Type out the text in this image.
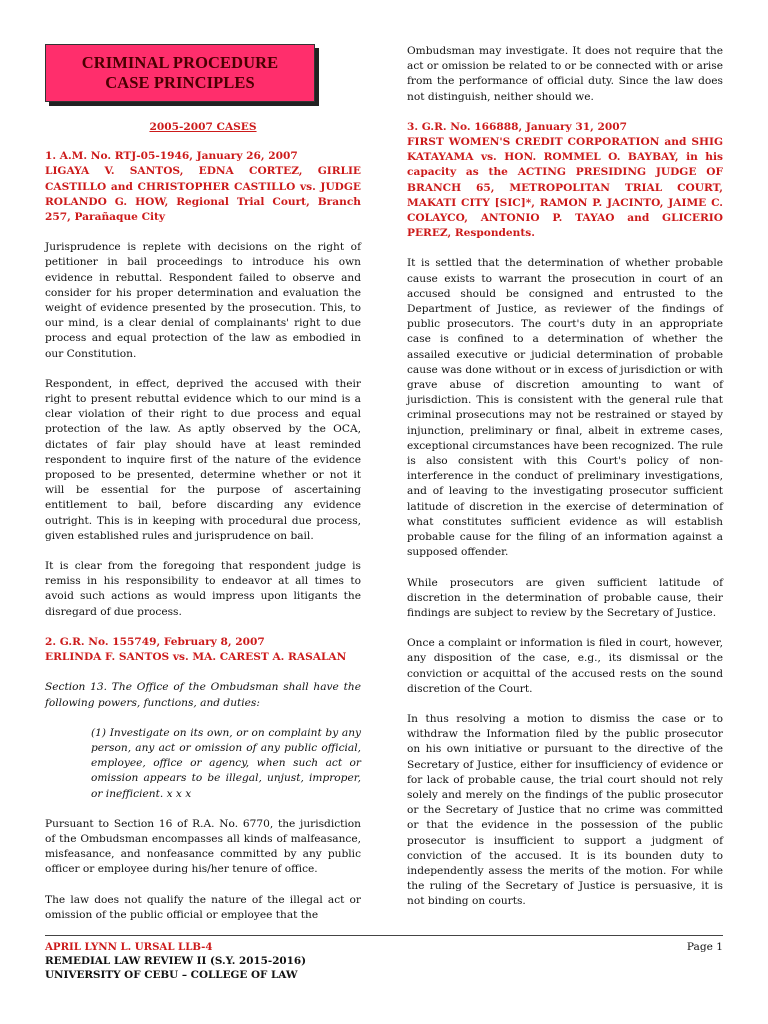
CRIMINAL PROCEDURE
CASE PRINCIPLES
2005-2007 CASES
1. A.M. No. RTJ-05-1946, January 26, 2007
LIGAYA V. SANTOS, EDNA CORTEZ, GIRLIE CASTILLO and CHRISTOPHER CASTILLO vs. JUDGE ROLANDO G. HOW, Regional Trial Court, Branch 257, Parañaque City

Jurisprudence is replete with decisions on the right of petitioner in bail proceedings to introduce his own evidence in rebuttal. Respondent failed to observe and consider for his proper determination and evaluation the weight of evidence presented by the prosecution. This, to our mind, is a clear denial of complainants' right to due process and equal protection of the law as embodied in our Constitution.

Respondent, in effect, deprived the accused with their right to present rebuttal evidence which to our mind is a clear violation of their right to due process and equal protection of the law. As aptly observed by the OCA, dictates of fair play should have at least reminded respondent to inquire first of the nature of the evidence proposed to be presented, determine whether or not it will be essential for the purpose of ascertaining entitlement to bail, before discarding any evidence outright. This is in keeping with procedural due process, given established rules and jurisprudence on bail.

It is clear from the foregoing that respondent judge is remiss in his responsibility to endeavor at all times to avoid such actions as would impress upon litigants the disregard of due process.

2. G.R. No. 155749, February 8, 2007
ERLINDA F. SANTOS vs. MA. CAREST A. RASALAN

Section 13. The Office of the Ombudsman shall have the following powers, functions, and duties:

(1) Investigate on its own, or on complaint by any person, any act or omission of any public official, employee, office or agency, when such act or omission appears to be illegal, unjust, improper, or inefficient. x x x

Pursuant to Section 16 of R.A. No. 6770, the jurisdiction of the Ombudsman encompasses all kinds of malfeasance, misfeasance, and nonfeasance committed by any public officer or employee during his/her tenure of office.

The law does not qualify the nature of the illegal act or omission of the public official or employee that the

Ombudsman may investigate. It does not require that the act or omission be related to or be connected with or arise from the performance of official duty. Since the law does not distinguish, neither should we.

3. G.R. No. 166888, January 31, 2007
FIRST WOMEN'S CREDIT CORPORATION and SHIG KATAYAMA vs. HON. ROMMEL O. BAYBAY, in his capacity as the ACTING PRESIDING JUDGE OF BRANCH 65, METROPOLITAN TRIAL COURT, MAKATI CITY [SIC]*, RAMON P. JACINTO, JAIME C. COLAYCO, ANTONIO P. TAYAO and GLICERIO PEREZ, Respondents.

It is settled that the determination of whether probable cause exists to warrant the prosecution in court of an accused should be consigned and entrusted to the Department of Justice, as reviewer of the findings of public prosecutors. The court's duty in an appropriate case is confined to a determination of whether the assailed executive or judicial determination of probable cause was done without or in excess of jurisdiction or with grave abuse of discretion amounting to want of jurisdiction. This is consistent with the general rule that criminal prosecutions may not be restrained or stayed by injunction, preliminary or final, albeit in extreme cases, exceptional circumstances have been recognized. The rule is also consistent with this Court's policy of non-interference in the conduct of preliminary investigations, and of leaving to the investigating prosecutor sufficient latitude of discretion in the exercise of determination of what constitutes sufficient evidence as will establish probable cause for the filing of an information against a supposed offender.

While prosecutors are given sufficient latitude of discretion in the determination of probable cause, their findings are subject to review by the Secretary of Justice.

Once a complaint or information is filed in court, however, any disposition of the case, e.g., its dismissal or the conviction or acquittal of the accused rests on the sound discretion of the Court.

In thus resolving a motion to dismiss the case or to withdraw the Information filed by the public prosecutor on his own initiative or pursuant to the directive of the Secretary of Justice, either for insufficiency of evidence or for lack of probable cause, the trial court should not rely solely and merely on the findings of the public prosecutor or the Secretary of Justice that no crime was committed or that the evidence in the possession of the public prosecutor is insufficient to support a judgment of conviction of the accused. It is its bounden duty to independently assess the merits of the motion. For while the ruling of the Secretary of Justice is persuasive, it is not binding on courts.

APRIL LYNN L. URSAL LLB-4	Page 1
REMEDIAL LAW REVIEW II (S.Y. 2015-2016)
UNIVERSITY OF CEBU – COLLEGE OF LAW
